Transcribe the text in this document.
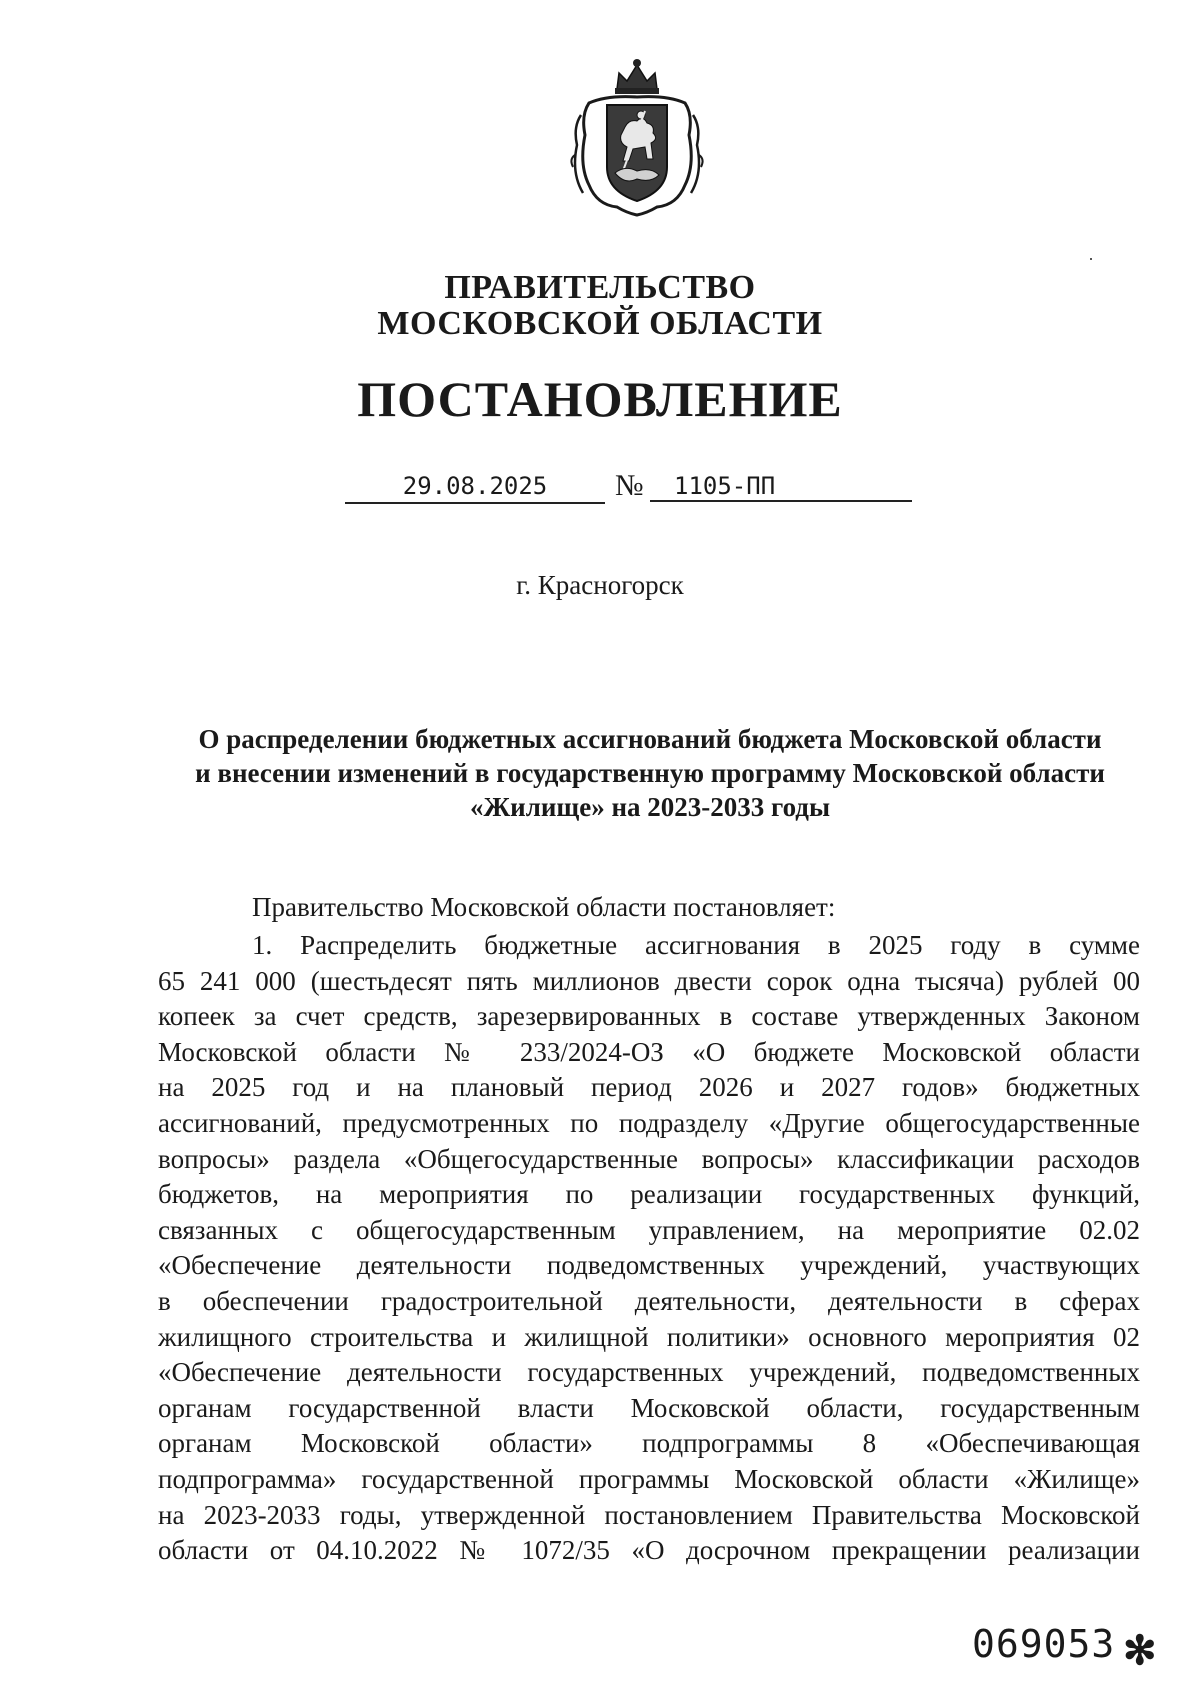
ПРАВИТЕЛЬСТВО
МОСКОВСКОЙ ОБЛАСТИ
ПОСТАНОВЛЕНИЕ
29.08.2025	№	1105-ПП
г. Красногорск
О распределении бюджетных ассигнований бюджета Московской области
и внесении изменений в государственную программу Московской области
«Жилище» на 2023-2033 годы
Правительство Московской области постановляет:
1. Распределить бюджетные ассигнования в 2025 году в сумме
65 241 000 (шестьдесят пять миллионов двести сорок одна тысяча) рублей 00
копеек за счет средств, зарезервированных в составе утвержденных Законом
Московской области № 233/2024-ОЗ «О бюджете Московской области
на 2025 год и на плановый период 2026 и 2027 годов» бюджетных
ассигнований, предусмотренных по подразделу «Другие общегосударственные
вопросы» раздела «Общегосударственные вопросы» классификации расходов
бюджетов, на мероприятия по реализации государственных функций,
связанных с общегосударственным управлением, на мероприятие 02.02
«Обеспечение деятельности подведомственных учреждений, участвующих
в обеспечении градостроительной деятельности, деятельности в сферах
жилищного строительства и жилищной политики» основного мероприятия 02
«Обеспечение деятельности государственных учреждений, подведомственных
органам государственной власти Московской области, государственным
органам Московской области» подпрограммы 8 «Обеспечивающая
подпрограмма» государственной программы Московской области «Жилище»
на 2023-2033 годы, утвержденной постановлением Правительства Московской
области от 04.10.2022 № 1072/35 «О досрочном прекращении реализации
069053 ✻
